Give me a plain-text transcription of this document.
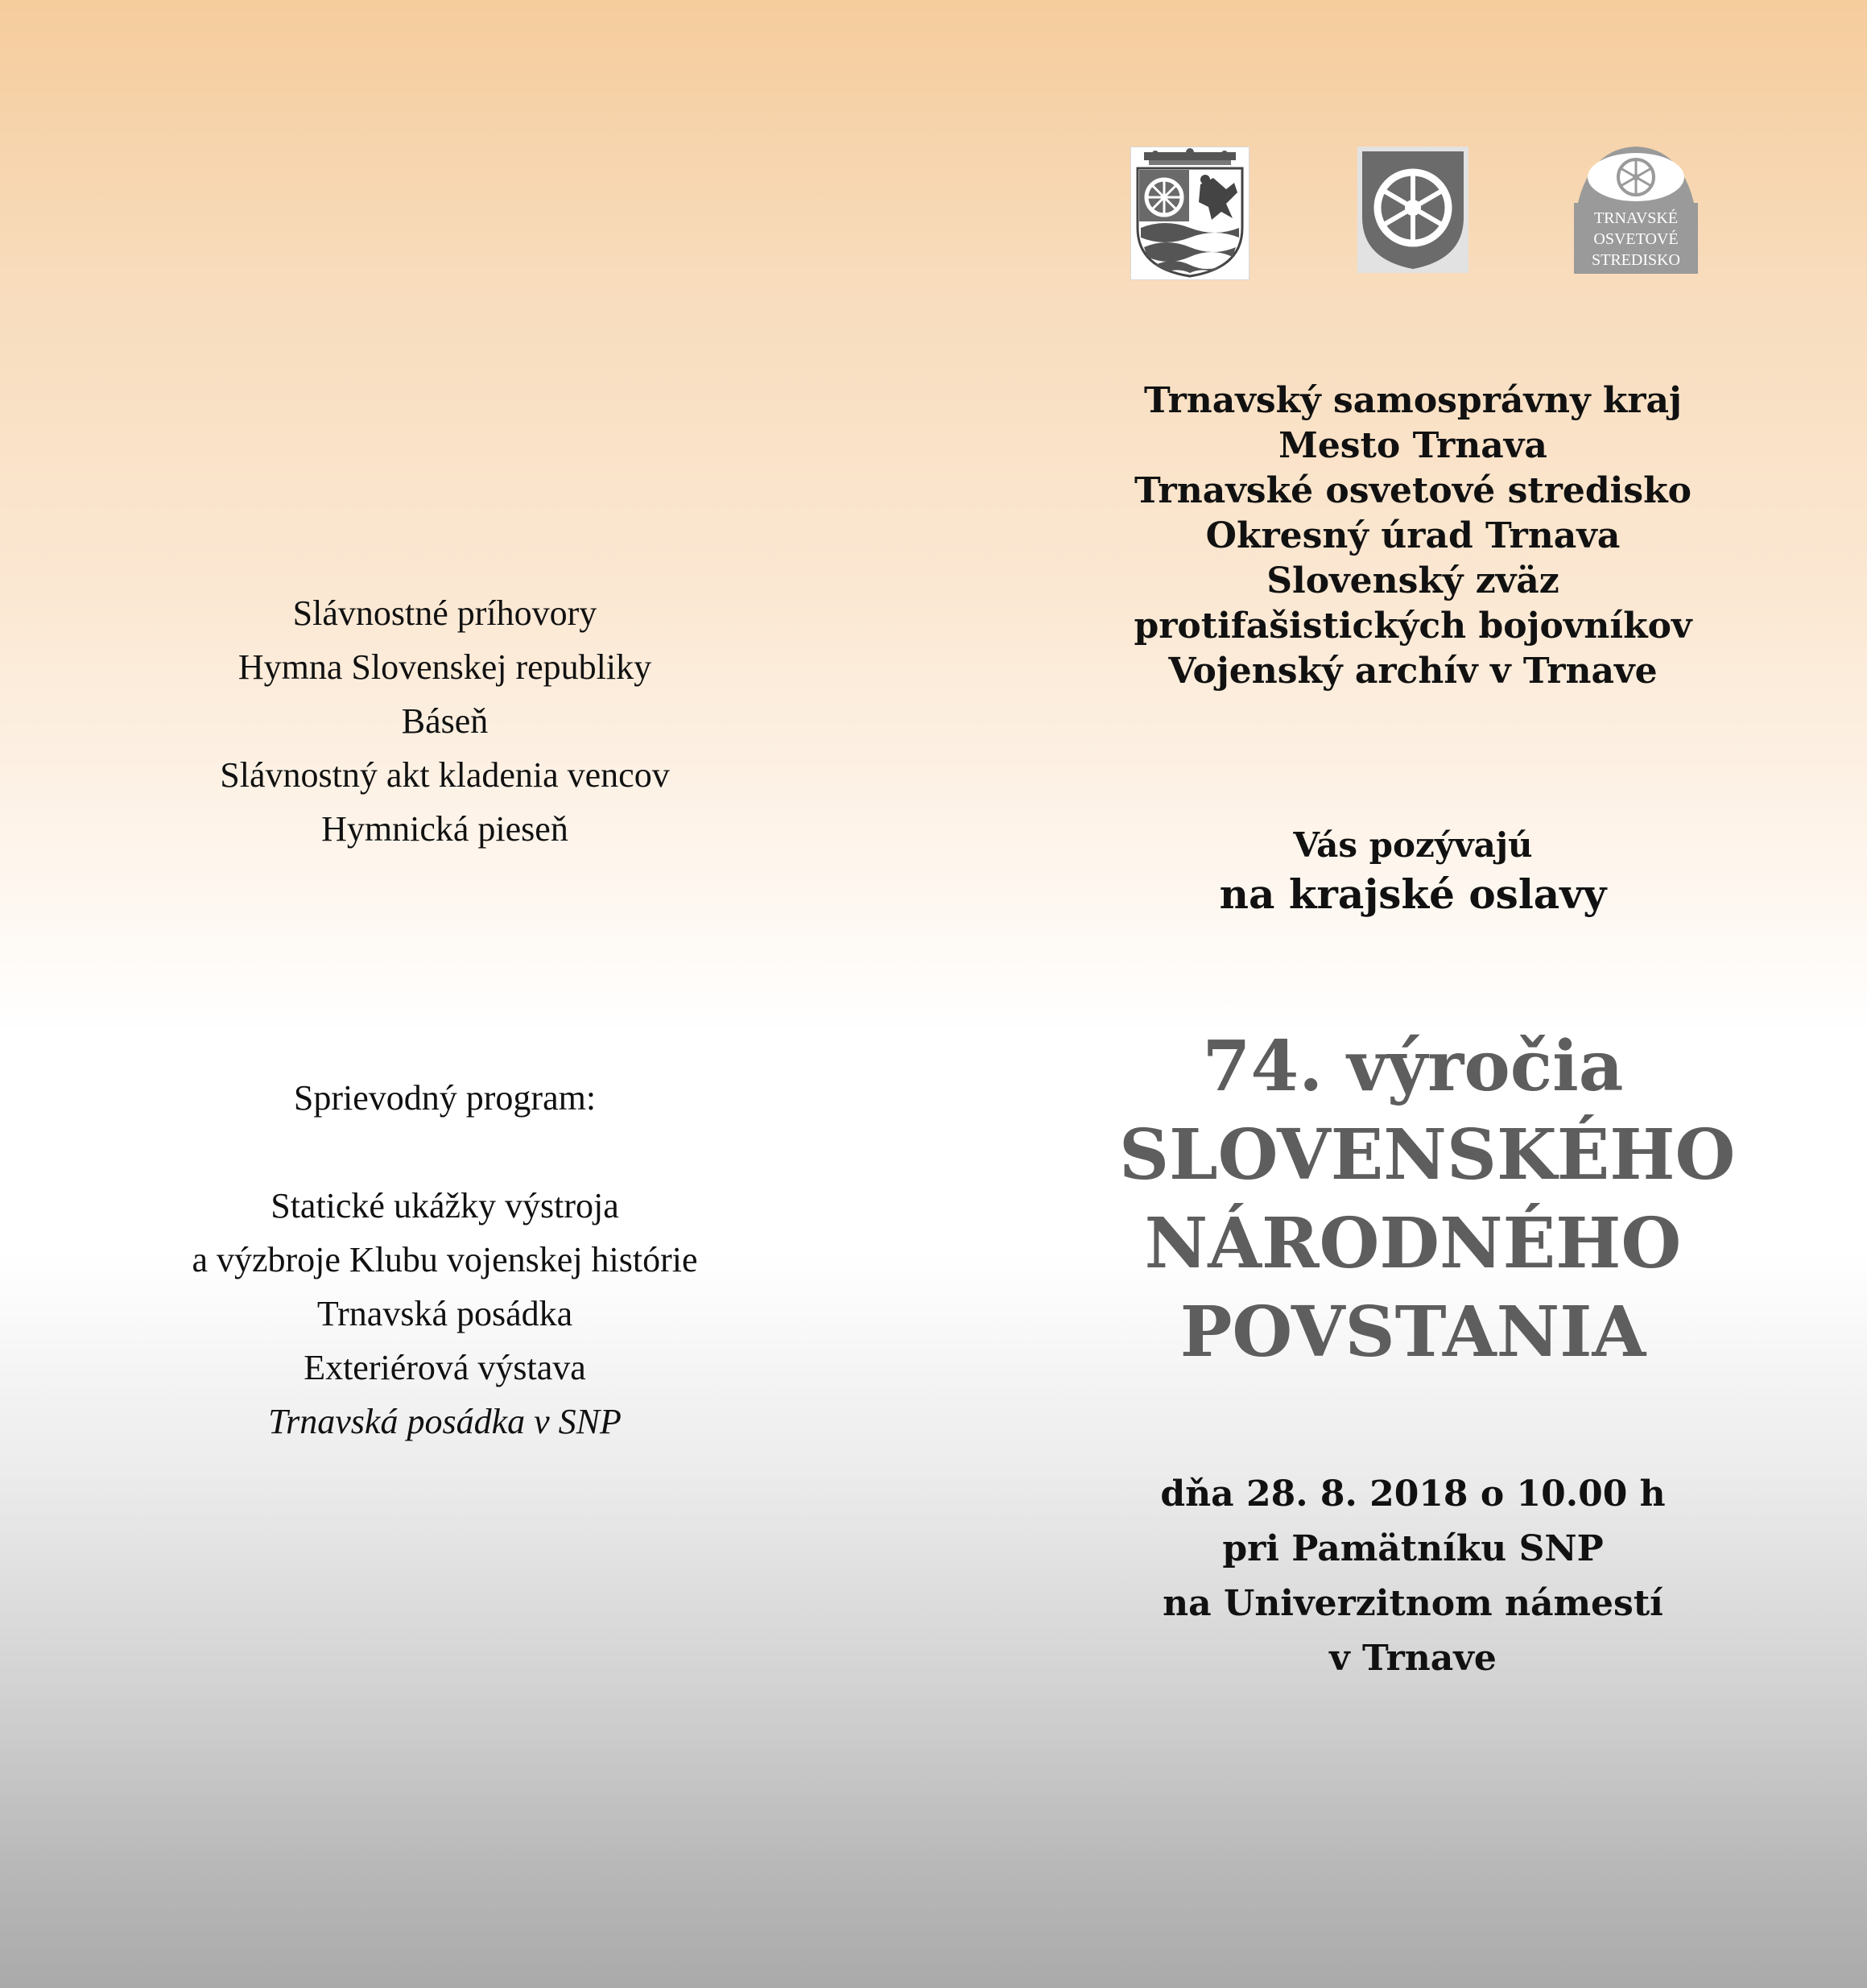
Slávnostné príhovory
Hymna Slovenskej republiky
Báseň
Slávnostný akt kladenia vencov
Hymnická pieseň
Sprievodný program:
Statické ukážky výstroja
a výzbroje Klubu vojenskej histórie
Trnavská posádka
Exteriérová výstava
Trnavská posádka v SNP
TRNAVSKÉ
OSVETOVÉ
STREDISKO
Trnavský samosprávny kraj
Mesto Trnava
Trnavské osvetové stredisko
Okresný úrad Trnava
Slovenský zväz
protifašistických bojovníkov
Vojenský archív v Trnave
Vás pozývajú
na krajské oslavy
74. výročia
SLOVENSKÉHO
NÁRODNÉHO
POVSTANIA
dňa 28. 8. 2018 o 10.00 h
pri Pamätníku SNP
na Univerzitnom námestí
v Trnave
